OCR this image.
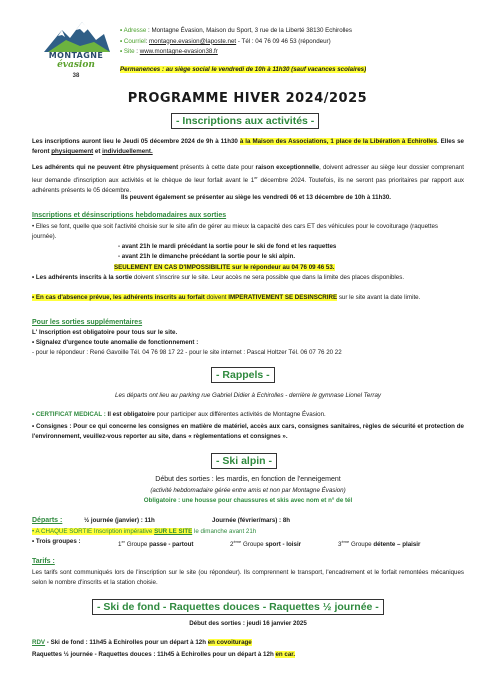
MONTAGNE
évasion
38
• Adresse : Montagne Évasion, Maison du Sport, 3 rue de la Liberté 38130 Echirolles
• Courriel: montagne.evasion@laposte.net - Tél : 04 76 09 46 53 (répondeur)
• Site : www.montagne-evasion38.fr
Permanences : au siège social le vendredi de 10h à 11h30 (sauf vacances scolaires)
PROGRAMME HIVER 2024/2025
- Inscriptions aux activités -
Les inscriptions auront lieu le Jeudi 05 décembre 2024 de 9h à 11h30 à la Maison des Associations, 1 place de la Libération à Echirolles. Elles se feront physiquement et individuellement.
Les adhérents qui ne peuvent être physiquement présents à cette date pour raison exceptionnelle, doivent adresser au siège leur dossier comprenant leur demande d'inscription aux activités et le chèque de leur forfait avant le 1er décembre 2024. Toutefois, ils ne seront pas prioritaires par rapport aux adhérents présents le 05 décembre.
Ils peuvent également se présenter au siège les vendredi 06 et 13 décembre de 10h à 11h30.
Inscriptions et désinscriptions hebdomadaires aux sorties
• Elles se font, quelle que soit l'activité choisie sur le site afin de gérer au mieux la capacité des cars ET des véhicules pour le covoiturage (raquettes journée).
- avant 21h le mardi précédant la sortie pour le ski de fond et les raquettes
- avant 21h le dimanche précédant la sortie pour le ski alpin.
SEULEMENT EN CAS D'IMPOSSIBILITE sur le répondeur au 04 76 09 46 53.
• Les adhérents inscrits à la sortie doivent s'inscrire sur le site. Leur accès ne sera possible que dans la limite des places disponibles.
• En cas d'absence prévue, les adhérents inscrits au forfait doivent IMPERATIVEMENT SE DESINSCRIRE sur le site avant la date limite.
Pour les sorties supplémentaires
L' Inscription est obligatoire pour tous sur le site.
• Signalez d'urgence toute anomalie de fonctionnement :
- pour le répondeur : René Gavoille Tél. 04 76 98 17 22 - pour le site internet : Pascal Holtzer Tél. 06 07 76 20 22
- Rappels -
Les départs ont lieu au parking rue Gabriel Didier à Echirolles - derrière le gymnase Lionel Terray
• CERTIFICAT MEDICAL : Il est obligatoire pour participer aux différentes activités de Montagne Évasion.
• Consignes : Pour ce qui concerne les consignes en matière de matériel, accès aux cars, consignes sanitaires, règles de sécurité et protection de l'environnement, veuillez-vous reporter au site, dans « règlementations et consignes ».
- Ski alpin -
Début des sorties : les mardis, en fonction de l'enneigement
(activité hebdomadaire gérée entre amis et non par Montagne Évasion)
Obligatoire : une housse pour chaussures et skis avec nom et n° de tél
Départs :	½ journée (janvier) : 11h	Journée (février/mars) : 8h
• A CHAQUE SORTIE Inscription impérative SUR LE SITE le dimanche avant 21h
• Trois groupes :	1er Groupe passe - partout	2ème Groupe sport - loisir	3ème Groupe détente – plaisir
Tarifs :
Les tarifs sont communiqués lors de l'inscription sur le site (ou répondeur). Ils comprennent le transport, l'encadrement et le forfait remontées mécaniques selon le nombre d'inscrits et la station choisie.
- Ski de fond - Raquettes douces - Raquettes ½ journée -
Début des sorties : jeudi 16 janvier 2025
RDV - Ski de fond : 11h45 à Echirolles pour un départ à 12h en covoiturage
Raquettes ½ journée - Raquettes douces : 11h45 à Echirolles pour un départ à 12h en car.
